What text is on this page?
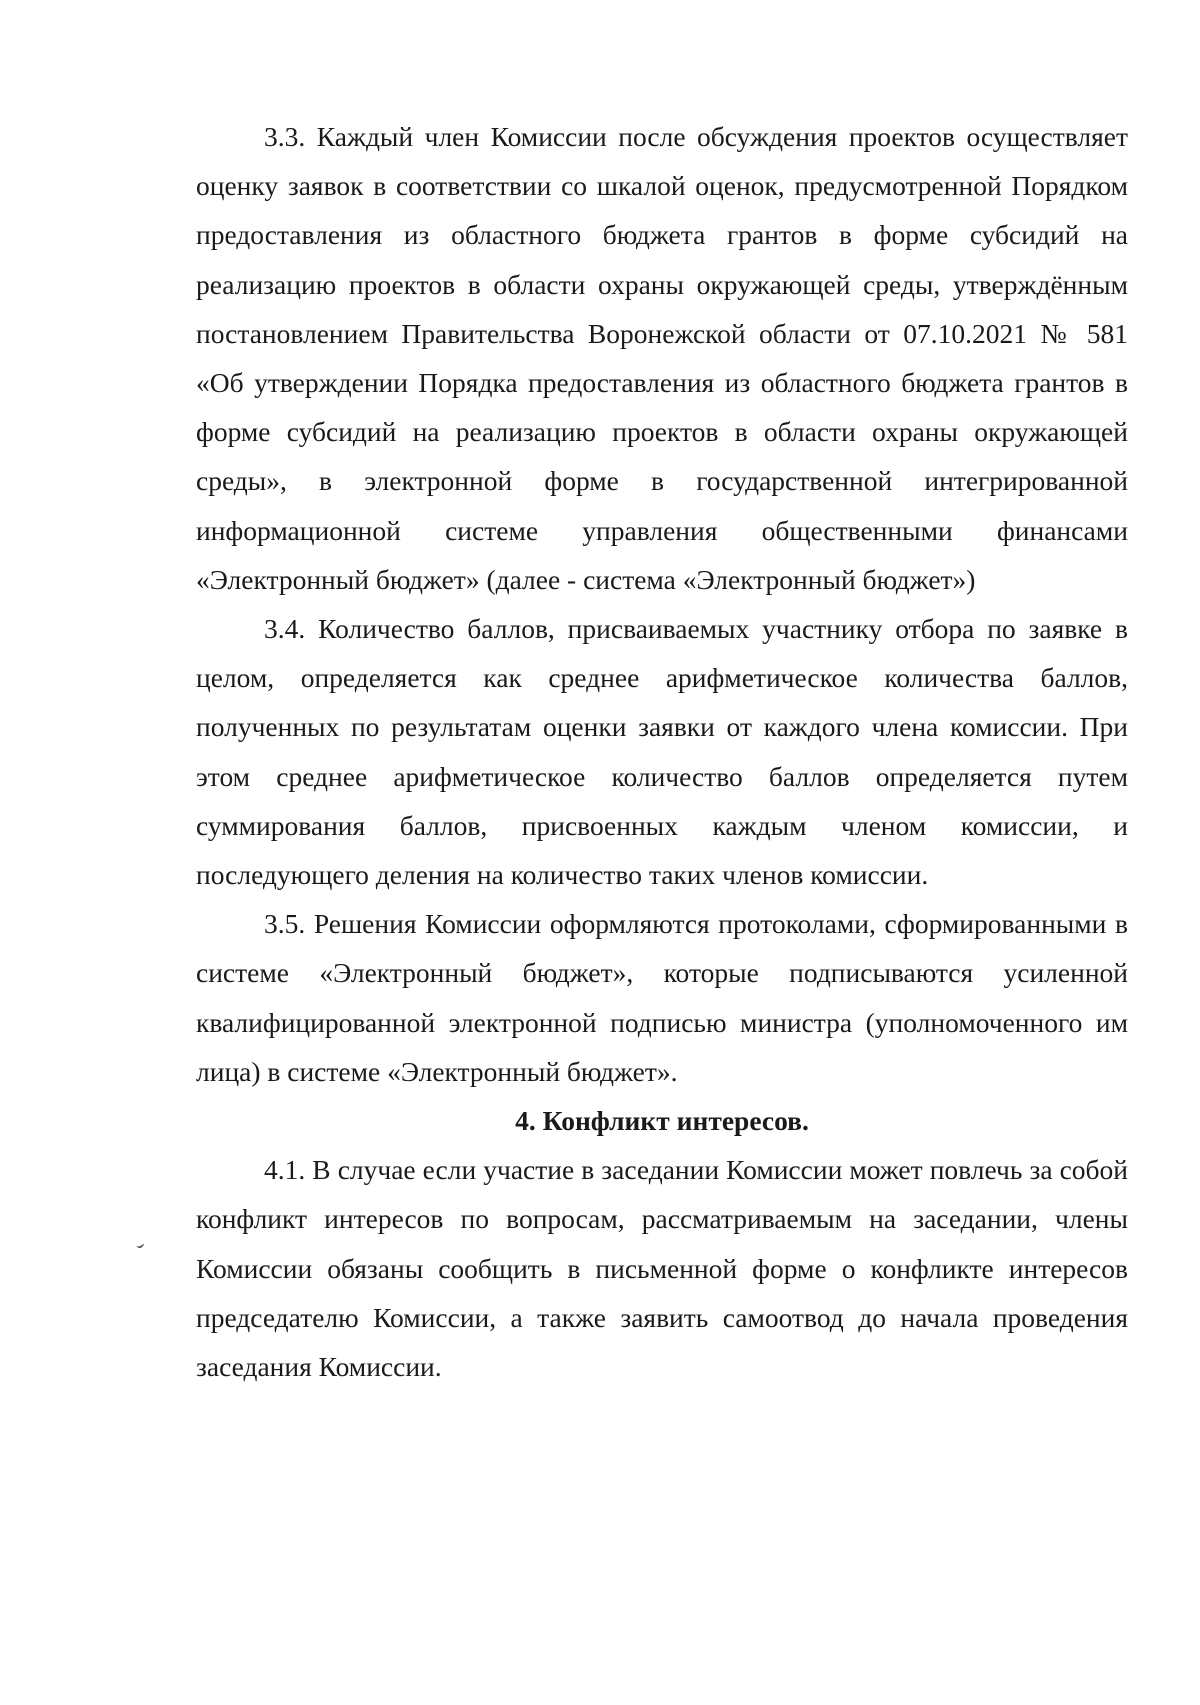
3.3. Каждый член Комиссии после обсуждения проектов осуществляет оценку заявок в соответствии со шкалой оценок, предусмотренной Порядком предоставления из областного бюджета грантов в форме субсидий на реализацию проектов в области охраны окружающей среды, утверждённым постановлением Правительства Воронежской области от 07.10.2021 № 581 «Об утверждении Порядка предоставления из областного бюджета грантов в форме субсидий на реализацию проектов в области охраны окружающей среды», в электронной форме в государственной интегрированной информационной системе управления общественными финансами «Электронный бюджет» (далее - система «Электронный бюджет»)

3.4. Количество баллов, присваиваемых участнику отбора по заявке в целом, определяется как среднее арифметическое количества баллов, полученных по результатам оценки заявки от каждого члена комиссии. При этом среднее арифметическое количество баллов определяется путем суммирования баллов, присвоенных каждым членом комиссии, и последующего деления на количество таких членов комиссии.

3.5. Решения Комиссии оформляются протоколами, сформированными в системе «Электронный бюджет», которые подписываются усиленной квалифицированной электронной подписью министра (уполномоченного им лица) в системе «Электронный бюджет».

4. Конфликт интересов.

4.1. В случае если участие в заседании Комиссии может повлечь за собой конфликт интересов по вопросам, рассматриваемым на заседании, члены Комиссии обязаны сообщить в письменной форме о конфликте интересов председателю Комиссии, а также заявить самоотвод до начала проведения заседания Комиссии.
